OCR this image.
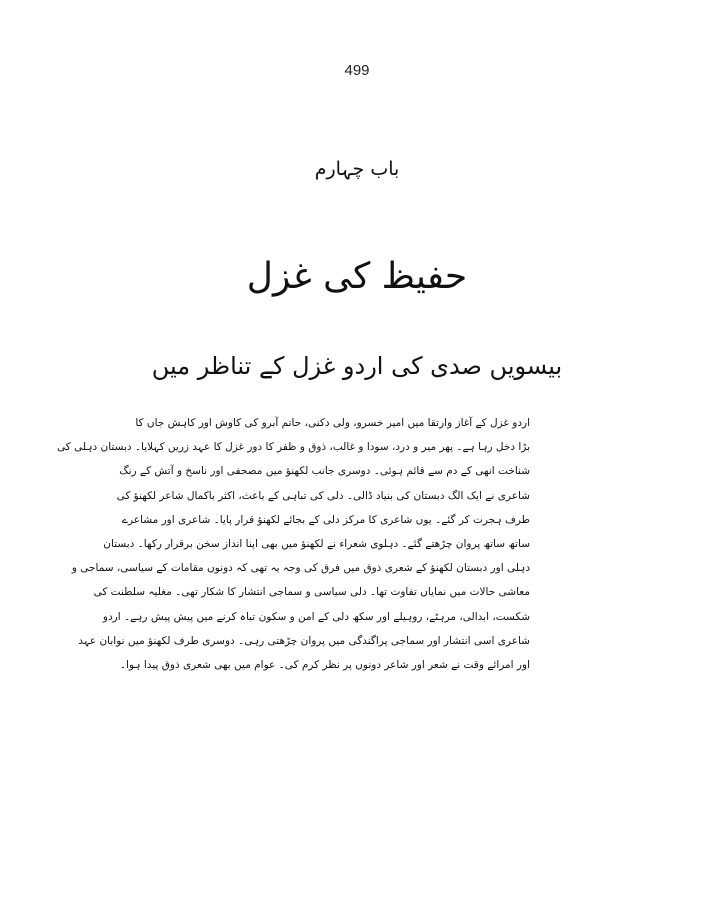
499
باب چہارم
حفیظ کی غزل
بیسویں صدی کی اردو غزل کے تناظر میں
اردو غزل کے آغاز وارتقا میں امیر خسرو، ولی دکنی، حاتم آبرو کی کاوش اور کاہش جاں کا
بڑا دخل رہا ہے۔ پھر میر و درد، سودا و غالب، ذوق و ظفر کا دور غزل کا عہد زریں کہلایا۔ دبستان دہلی کی
شناخت انھی کے دم سے قائم ہوئی۔ دوسری جانب لکھنؤ میں مصحفی اور ناسخ و آتش کے رنگ
شاعری نے ایک الگ دبستان کی بنیاد ڈالی۔ دلی کی تباہی کے باعث، اکثر باکمال شاعر لکھنؤ کی
طرف ہجرت کر گئے۔ یوں شاعری کا مرکز دلی کے بجائے لکھنؤ قرار پایا۔ شاعری اور مشاعرے
ساتھ ساتھ پروان چڑھتے گئے۔ دہلوی شعراء نے لکھنؤ میں بھی اپنا انداز سخن برقرار رکھا۔ دبستان
دہلی اور دبستان لکھنؤ کے شعری ذوق میں فرق کی وجہ یہ تھی کہ دونوں مقامات کے سیاسی، سماجی و
معاشی حالات میں نمایاں تفاوت تھا۔ دلی سیاسی و سماجی انتشار کا شکار تھی۔ مغلیہ سلطنت کی
شکست، ابدالی، مرہٹے، روہیلے اور سکھ دلی کے امن و سکون تباہ کرنے میں پیش پیش رہے۔ اردو
شاعری اسی انتشار اور سماجی پراگندگی میں پروان چڑھتی رہی۔ دوسری طرف لکھنؤ میں نوابان عہد
اور امرائے وقت نے شعر اور شاعر دونوں پر نظر کرم کی۔ عوام میں بھی شعری ذوق پیدا ہوا۔
